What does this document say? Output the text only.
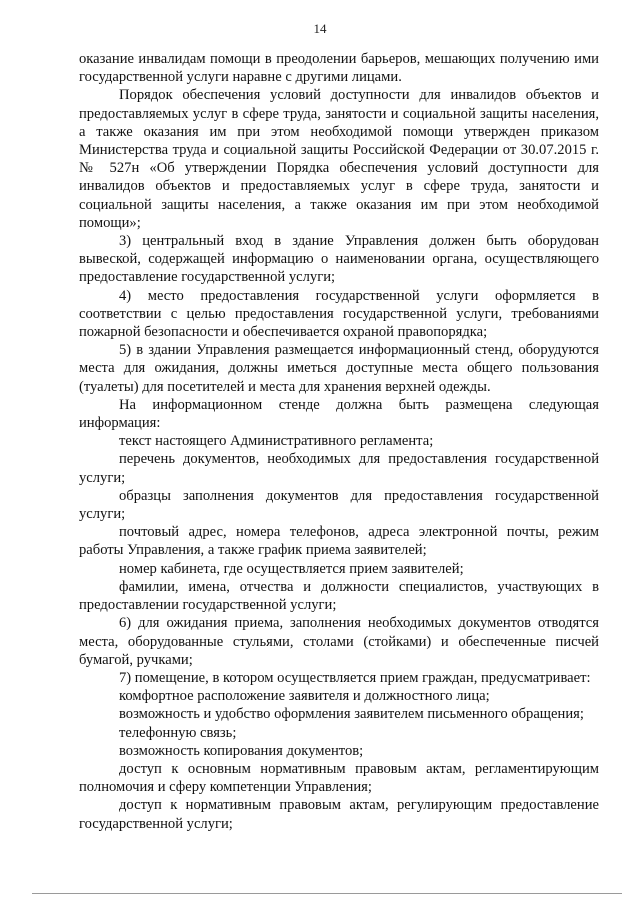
14

оказание инвалидам помощи в преодолении барьеров, мешающих получению ими государственной услуги наравне с другими лицами.

Порядок обеспечения условий доступности для инвалидов объектов и предоставляемых услуг в сфере труда, занятости и социальной защиты населения, а также оказания им при этом необходимой помощи утвержден приказом Министерства труда и социальной защиты Российской Федерации от 30.07.2015 г. № 527н «Об утверждении Порядка обеспечения условий доступности для инвалидов объектов и предоставляемых услуг в сфере труда, занятости и социальной защиты населения, а также оказания им при этом необходимой помощи»;

3) центральный вход в здание Управления должен быть оборудован вывеской, содержащей информацию о наименовании органа, осуществляющего предоставление государственной услуги;

4) место предоставления государственной услуги оформляется в соответствии с целью предоставления государственной услуги, требованиями пожарной безопасности и обеспечивается охраной правопорядка;

5) в здании Управления размещается информационный стенд, оборудуются места для ожидания, должны иметься доступные места общего пользования (туалеты) для посетителей и места для хранения верхней одежды.

На информационном стенде должна быть размещена следующая информация:

текст настоящего Административного регламента;

перечень документов, необходимых для предоставления государственной услуги;

образцы заполнения документов для предоставления государственной услуги;

почтовый адрес, номера телефонов, адреса электронной почты, режим работы Управления, а также график приема заявителей;

номер кабинета, где осуществляется прием заявителей;

фамилии, имена, отчества и должности специалистов, участвующих в предоставлении государственной услуги;

6) для ожидания приема, заполнения необходимых документов отводятся места, оборудованные стульями, столами (стойками) и обеспеченные писчей бумагой, ручками;

7) помещение, в котором осуществляется прием граждан, предусматривает:

комфортное расположение заявителя и должностного лица;

возможность и удобство оформления заявителем письменного обращения;

телефонную связь;

возможность копирования документов;

доступ к основным нормативным правовым актам, регламентирующим полномочия и сферу компетенции Управления;

доступ к нормативным правовым актам, регулирующим предоставление государственной услуги;
